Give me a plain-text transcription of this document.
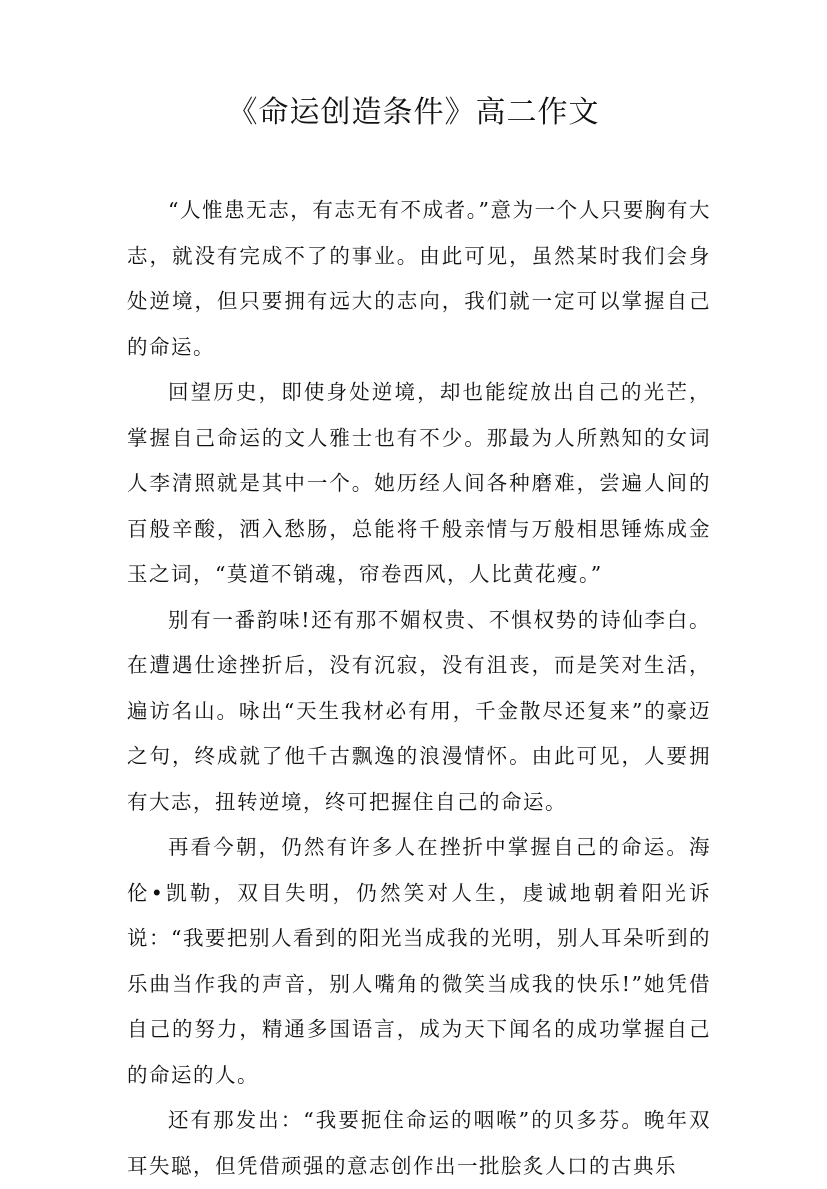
《命运创造条件》高二作文

“人惟患无志，有志无有不成者。”意为一个人只要胸有大志，就没有完成不了的事业。由此可见，虽然某时我们会身处逆境，但只要拥有远大的志向，我们就一定可以掌握自己的命运。

回望历史，即使身处逆境，却也能绽放出自己的光芒，掌握自己命运的文人雅士也有不少。那最为人所熟知的女词人李清照就是其中一个。她历经人间各种磨难，尝遍人间的百般辛酸，洒入愁肠，总能将千般亲情与万般相思锤炼成金玉之词，“莫道不销魂，帘卷西风，人比黄花瘦。”

别有一番韵味!还有那不媚权贵、不惧权势的诗仙李白。在遭遇仕途挫折后，没有沉寂，没有沮丧，而是笑对生活，遍访名山。咏出“天生我材必有用，千金散尽还复来”的豪迈之句，终成就了他千古飘逸的浪漫情怀。由此可见，人要拥有大志，扭转逆境，终可把握住自己的命运。

再看今朝，仍然有许多人在挫折中掌握自己的命运。海伦•凯勒，双目失明，仍然笑对人生，虔诚地朝着阳光诉说：“我要把别人看到的阳光当成我的光明，别人耳朵听到的乐曲当作我的声音，别人嘴角的微笑当成我的快乐!”她凭借自己的努力，精通多国语言，成为天下闻名的成功掌握自己的命运的人。

还有那发出：“我要扼住命运的咽喉”的贝多芬。晚年双耳失聪，但凭借顽强的意志创作出一批脍炙人口的古典乐
